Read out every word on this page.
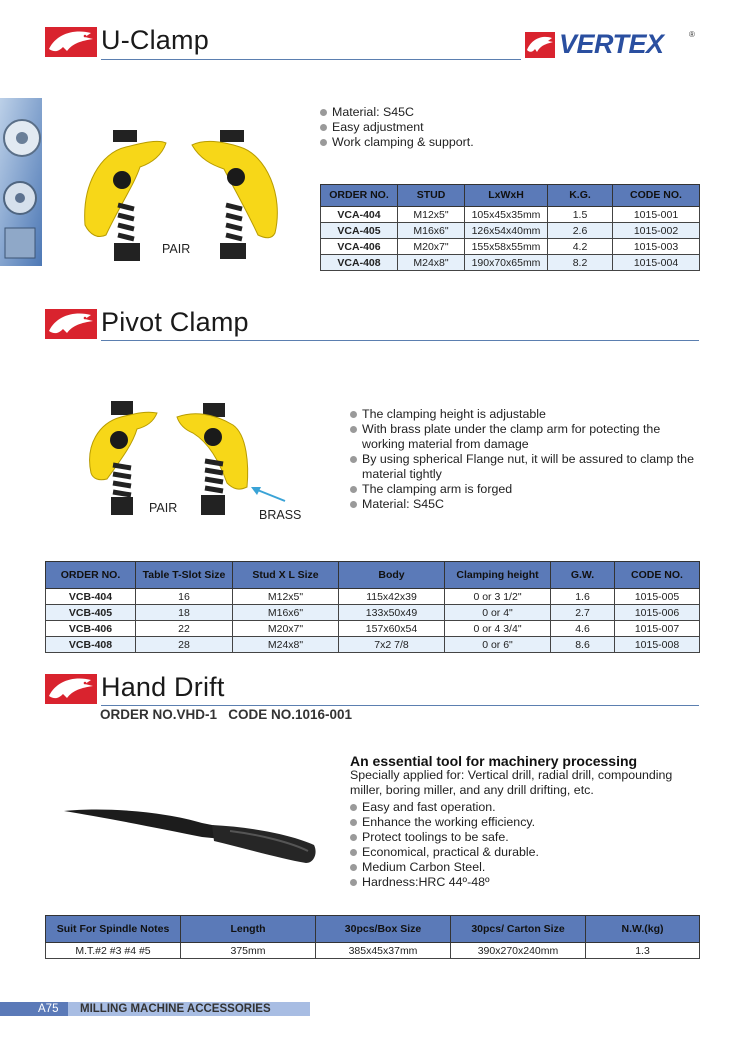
U-Clamp	VERTEX	®
PAIR
Material: S45C
Easy adjustment
Work clamping & support.
ORDER NO.	STUD	LxWxH	K.G.	CODE NO.
VCA-404	M12x5"	105x45x35mm	1.5	1015-001
VCA-405	M16x6"	126x54x40mm	2.6	1015-002
VCA-406	M20x7"	155x58x55mm	4.2	1015-003
VCA-408	M24x8"	190x70x65mm	8.2	1015-004
Pivot Clamp
PAIR	BRASS
The clamping height is adjustable
With brass plate under the clamp arm for potecting the working material from damage
By using spherical Flange nut, it will be assured to clamp the material tightly
The clamping arm is forged
Material: S45C
ORDER NO.	Table T-Slot Size	Stud X L Size	Body	Clamping height	G.W.	CODE NO.
VCB-404	16	M12x5"	115x42x39	0 or 3 1/2"	1.6	1015-005
VCB-405	18	M16x6"	133x50x49	0 or 4"	2.7	1015-006
VCB-406	22	M20x7"	157x60x54	0 or 4 3/4"	4.6	1015-007
VCB-408	28	M24x8"	7x2 7/8	0 or 6"	8.6	1015-008
Hand Drift
ORDER NO.VHD-1   CODE NO.1016-001
An essential tool for machinery processing
Specially applied for: Vertical drill, radial drill, compounding miller, boring miller, and any drill drifting, etc.
Easy and fast operation.
Enhance the working efficiency.
Protect toolings to be safe.
Economical, practical & durable.
Medium Carbon Steel.
Hardness:HRC 44º-48º
Suit For Spindle Notes	Length	30pcs/Box Size	30pcs/ Carton Size	N.W.(kg)
M.T.#2 #3 #4 #5	375mm	385x45x37mm	390x270x240mm	1.3
A75 MILLING MACHINE ACCESSORIES
